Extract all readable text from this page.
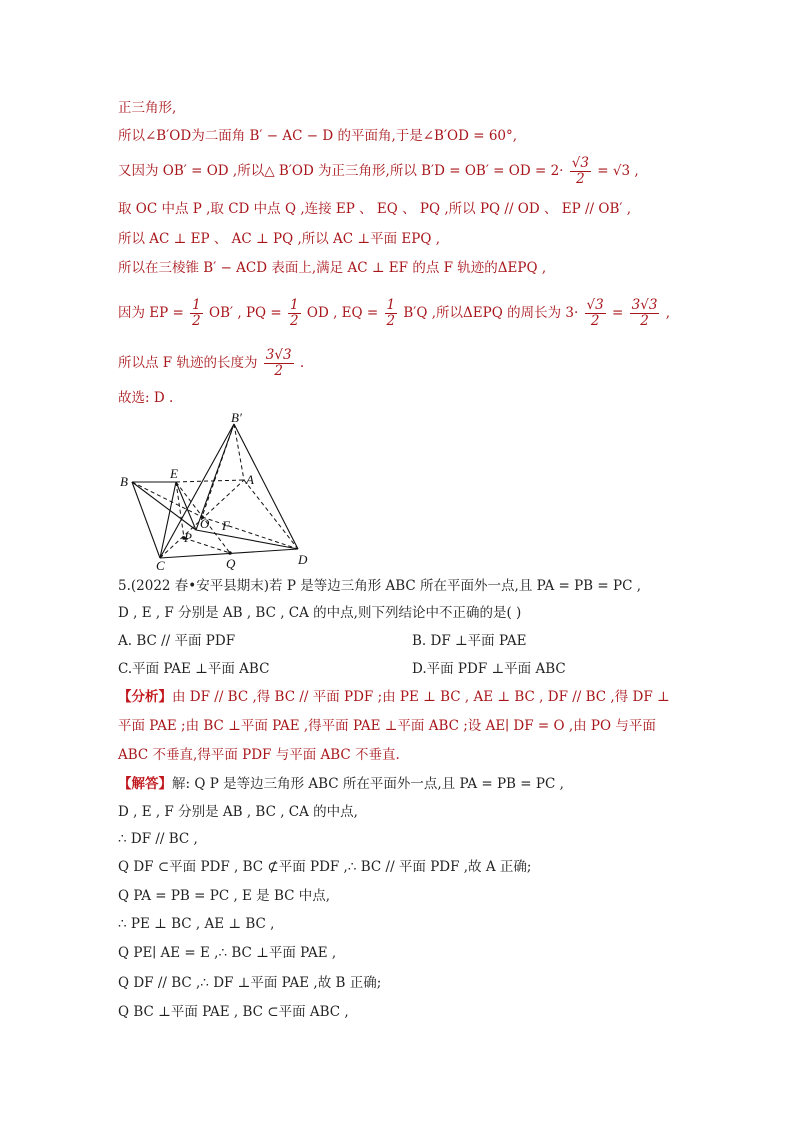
正三角形,
所以∠B′OD为二面角 B′ − AC − D 的平面角,于是∠B′OD = 60°,
又因为 OB′ = OD ,所以△ B′OD 为正三角形,所以 B′D = OB′ = OD = $2\cdot \frac{√3}{2} = √3$ ,
取 OC 中点 P ,取 CD 中点 Q ,连接 EP 、 EQ 、 PQ ,所以 PQ // OD 、 EP // OB′ ,
所以 AC ⊥ EP 、 AC ⊥ PQ ,所以 AC ⊥平面 EPQ ,
所以在三棱锥 B′ − ACD 表面上,满足 AC ⊥ EF 的点 F 轨迹的ΔEPQ ,
因为 EP = $\frac{1}{2} OB'$ , PQ = $\frac{1}{2}$ OD , EQ = $\frac{1}{2} B'Q$ ,所以ΔEPQ 的周长为 $3\cdot \frac{√3}{2} = \frac{3√3}{2}$ ,
所以点 F 轨迹的长度为 $\frac{3√3}{2}$ .
故选: D .
B′
B
E	A
O F
P
C	Q	D
5.(2022 春•安平县期末)若 P 是等边三角形 ABC 所在平面外一点,且 PA = PB = PC ,
D , E , F 分别是 AB , BC , CA 的中点,则下列结论中不正确的是( )
A. BC // 平面 PDF	B. DF ⊥平面 PAE
C.平面 PAE ⊥平面 ABC	D.平面 PDF ⊥平面 ABC
【分析】由 DF // BC ,得 BC // 平面 PDF ;由 PE ⊥ BC , AE ⊥ BC , DF // BC ,得 DF ⊥
平面 PAE ;由 BC ⊥平面 PAE ,得平面 PAE ⊥平面 ABC ;设 AE∣ DF = O ,由 PO 与平面
ABC 不垂直,得平面 PDF 与平面 ABC 不垂直.
【解答】解: Q P 是等边三角形 ABC 所在平面外一点,且 PA = PB = PC ,
D , E , F 分别是 AB , BC , CA 的中点,
∴ DF // BC ,
Q DF ⊂平面 PDF , BC ⊄平面 PDF ,∴ BC // 平面 PDF ,故 A 正确;
Q PA = PB = PC , E 是 BC 中点,
∴ PE ⊥ BC , AE ⊥ BC ,
Q PE∣ AE = E ,∴ BC ⊥平面 PAE ,
Q DF // BC ,∴ DF ⊥平面 PAE ,故 B 正确;
Q BC ⊥平面 PAE , BC ⊂平面 ABC ,
